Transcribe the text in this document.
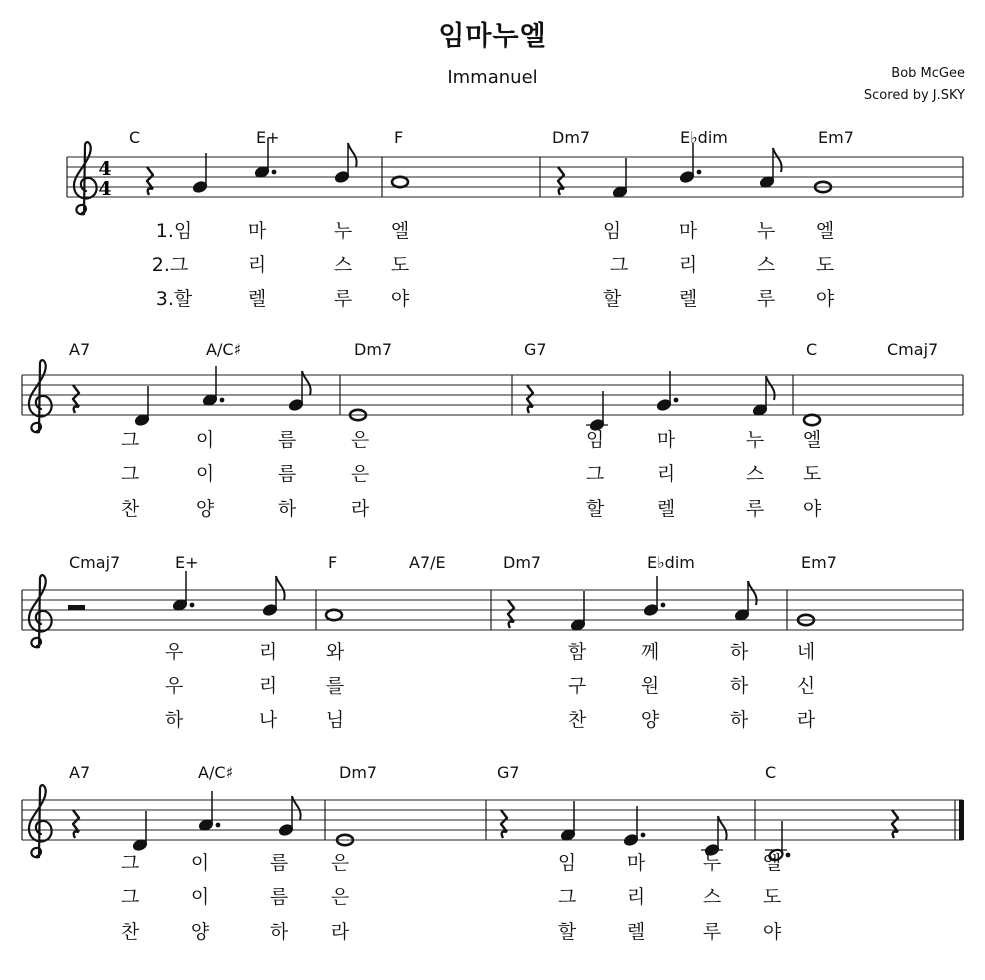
임마누엘
Immanuel	Bob McGee
Scored by J.SKY
4
4
C	E+	F	Dm7	E♭dim	Em7
1.임	마	누 엘	임	마	누 엘
2.그	리	스 도	그	리	스 도
3.할	렐	루 야	할	렐	루 야
A7	A/C♯	Dm7	G7	C	Cmaj7
그	이	름	은	임	마	누 엘
그	이	름	은	그	리	스 도
찬	양	하	라	할	렐	루 야
Cmaj7	E+	F	A7/E	Dm7	E♭dim	Em7
우	리	와	함	께	하	네
우	리	를	구	원	하	신
하	나	님	찬	양	하	라
A7	A/C♯	Dm7	G7	C
그	이	름 은	임	마	누 엘
그	이	름 은	그	리	스 도
찬	양	하 라	할	렐	루 야
